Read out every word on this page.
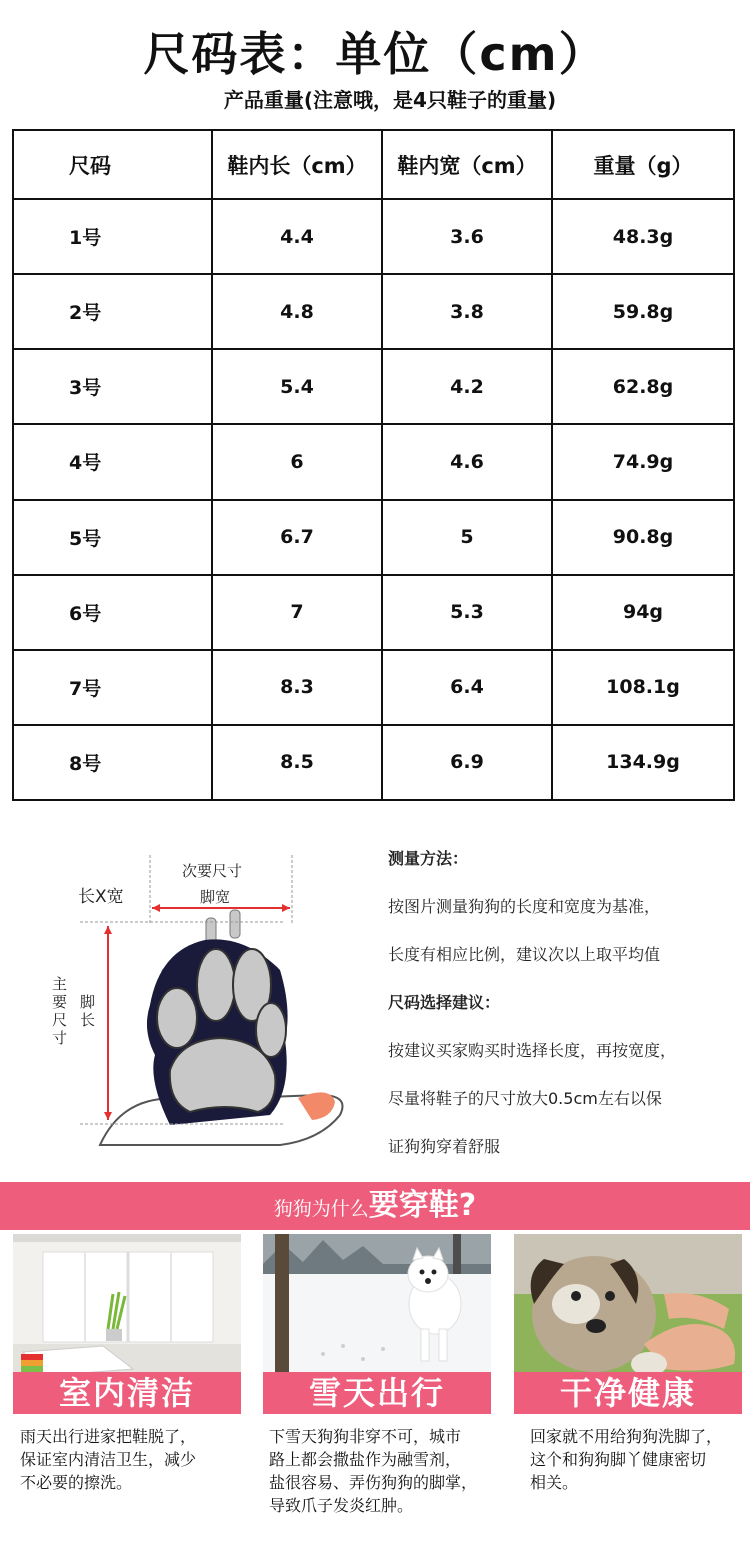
尺码表：单位（cm）
产品重量(注意哦，是4只鞋子的重量)
尺码	鞋内长（cm）	鞋内宽（cm）	重量（g）
1号	4.4	3.6	48.3g
2号	4.8	3.8	59.8g
3号	5.4	4.2	62.8g
4号	6	4.6	74.9g
5号	6.7	5	90.8g
6号	7	5.3	94g
7号	8.3	6.4	108.1g
8号	8.5	6.9	134.9g
次要尺寸
脚宽
长X宽
主要尺寸
脚长

测量方法：

按图片测量狗狗的长度和宽度为基准，

长度有相应比例，建议次以上取平均值

尺码选择建议：

按建议买家购买时选择长度，再按宽度，

尽量将鞋子的尺寸放大0.5cm左右以保

证狗狗穿着舒服

狗狗为什么要穿鞋?
室内清洁	雪天出行	干净健康
雨天出行进家把鞋脱了，
保证室内清洁卫生，减少
不必要的擦洗。
下雪天狗狗非穿不可，城市
路上都会撒盐作为融雪剂，
盐很容易、弄伤狗狗的脚掌，
导致爪子发炎红肿。
回家就不用给狗狗洗脚了，
这个和狗狗脚丫健康密切
相关。
